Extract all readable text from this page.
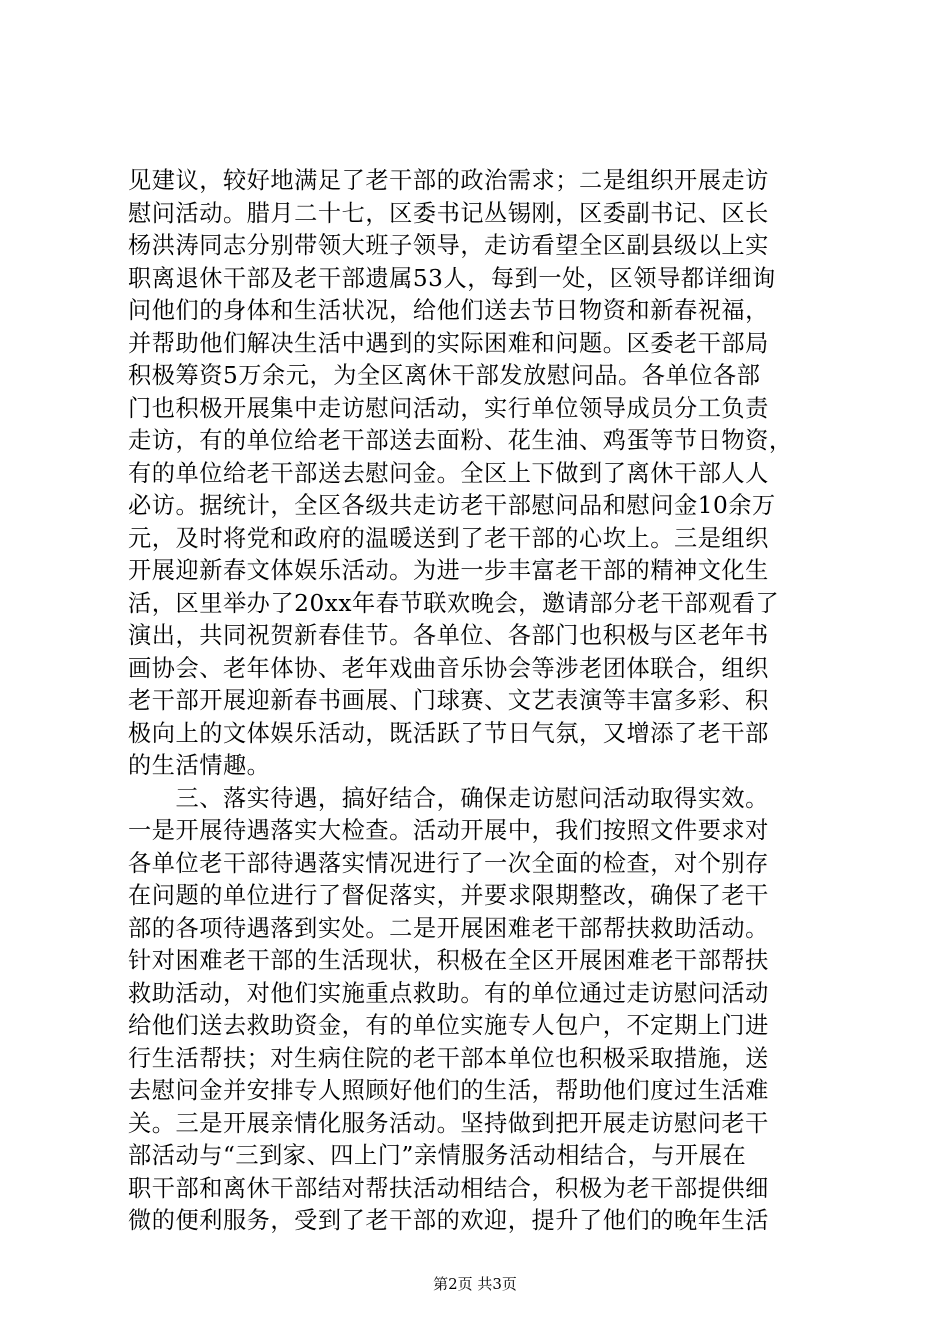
见建议，较好地满足了老干部的政治需求；二是组织开展走访
慰问活动。腊月二十七，区委书记丛锡刚，区委副书记、区长
杨洪涛同志分别带领大班子领导，走访看望全区副县级以上实
职离退休干部及老干部遗属53人，每到一处，区领导都详细询
问他们的身体和生活状况，给他们送去节日物资和新春祝福，
并帮助他们解决生活中遇到的实际困难和问题。区委老干部局
积极筹资5万余元，为全区离休干部发放慰问品。各单位各部
门也积极开展集中走访慰问活动，实行单位领导成员分工负责
走访，有的单位给老干部送去面粉、花生油、鸡蛋等节日物资，
有的单位给老干部送去慰问金。全区上下做到了离休干部人人
必访。据统计，全区各级共走访老干部慰问品和慰问金10余万
元，及时将党和政府的温暖送到了老干部的心坎上。三是组织
开展迎新春文体娱乐活动。为进一步丰富老干部的精神文化生
活，区里举办了20xx年春节联欢晚会，邀请部分老干部观看了
演出，共同祝贺新春佳节。各单位、各部门也积极与区老年书
画协会、老年体协、老年戏曲音乐协会等涉老团体联合，组织
老干部开展迎新春书画展、门球赛、文艺表演等丰富多彩、积
极向上的文体娱乐活动，既活跃了节日气氛，又增添了老干部
的生活情趣。
　　三、落实待遇，搞好结合，确保走访慰问活动取得实效。
一是开展待遇落实大检查。活动开展中，我们按照文件要求对
各单位老干部待遇落实情况进行了一次全面的检查，对个别存
在问题的单位进行了督促落实，并要求限期整改，确保了老干
部的各项待遇落到实处。二是开展困难老干部帮扶救助活动。
针对困难老干部的生活现状，积极在全区开展困难老干部帮扶
救助活动，对他们实施重点救助。有的单位通过走访慰问活动
给他们送去救助资金，有的单位实施专人包户，不定期上门进
行生活帮扶；对生病住院的老干部本单位也积极采取措施，送
去慰问金并安排专人照顾好他们的生活，帮助他们度过生活难
关。三是开展亲情化服务活动。坚持做到把开展走访慰问老干
部活动与“三到家、四上门”亲情服务活动相结合，与开展在
职干部和离休干部结对帮扶活动相结合，积极为老干部提供细
微的便利服务，受到了老干部的欢迎，提升了他们的晚年生活
第2页 共3页
